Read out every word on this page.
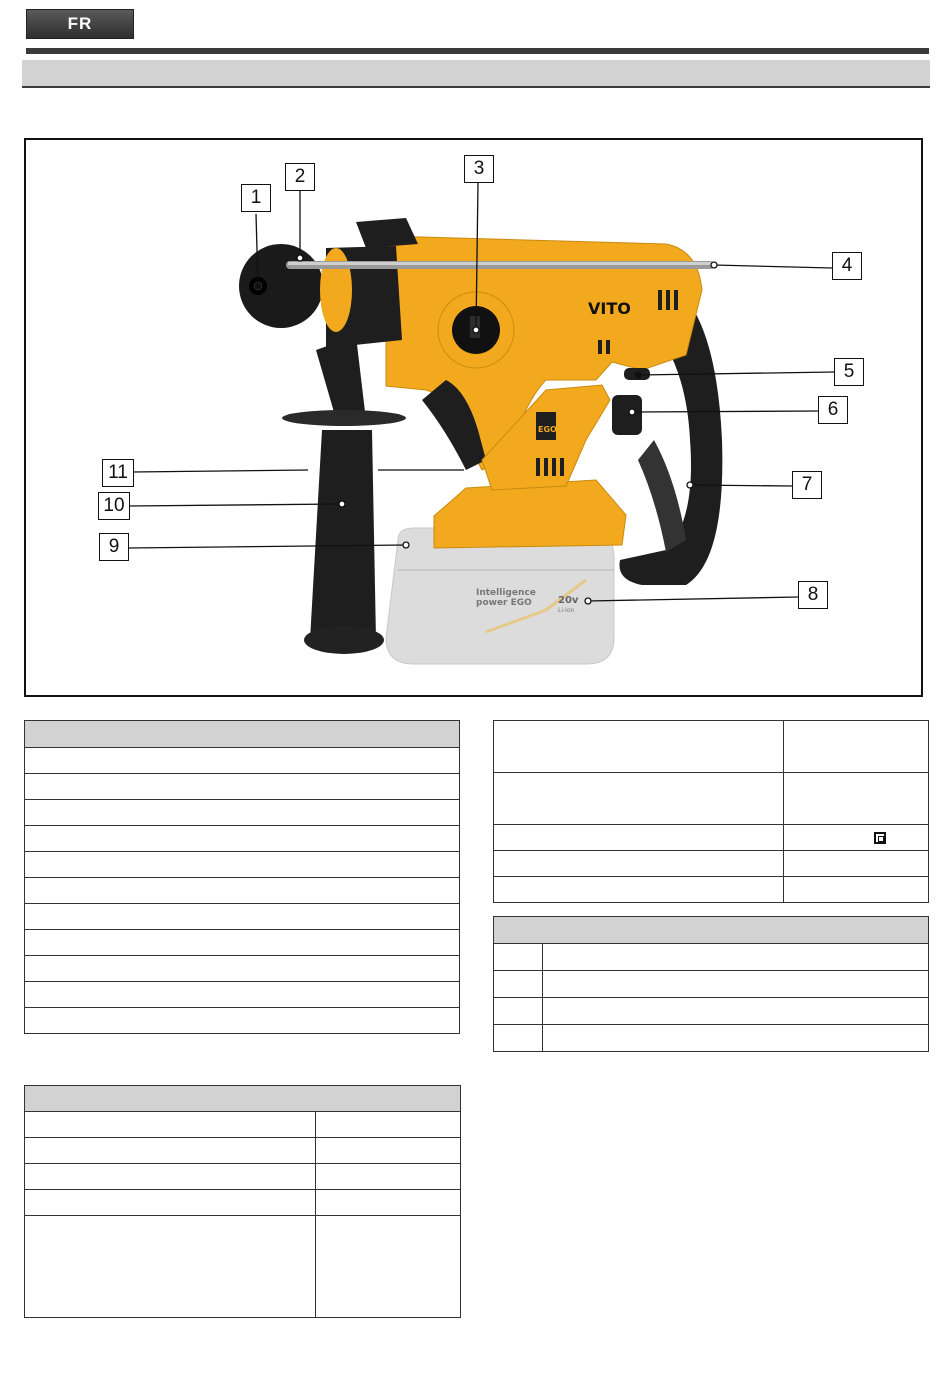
FR
Intelligence
power EGO	20v
Li-Ion
VITO
EGO
1
2	3
4
5
6
7
8
9
10
11
